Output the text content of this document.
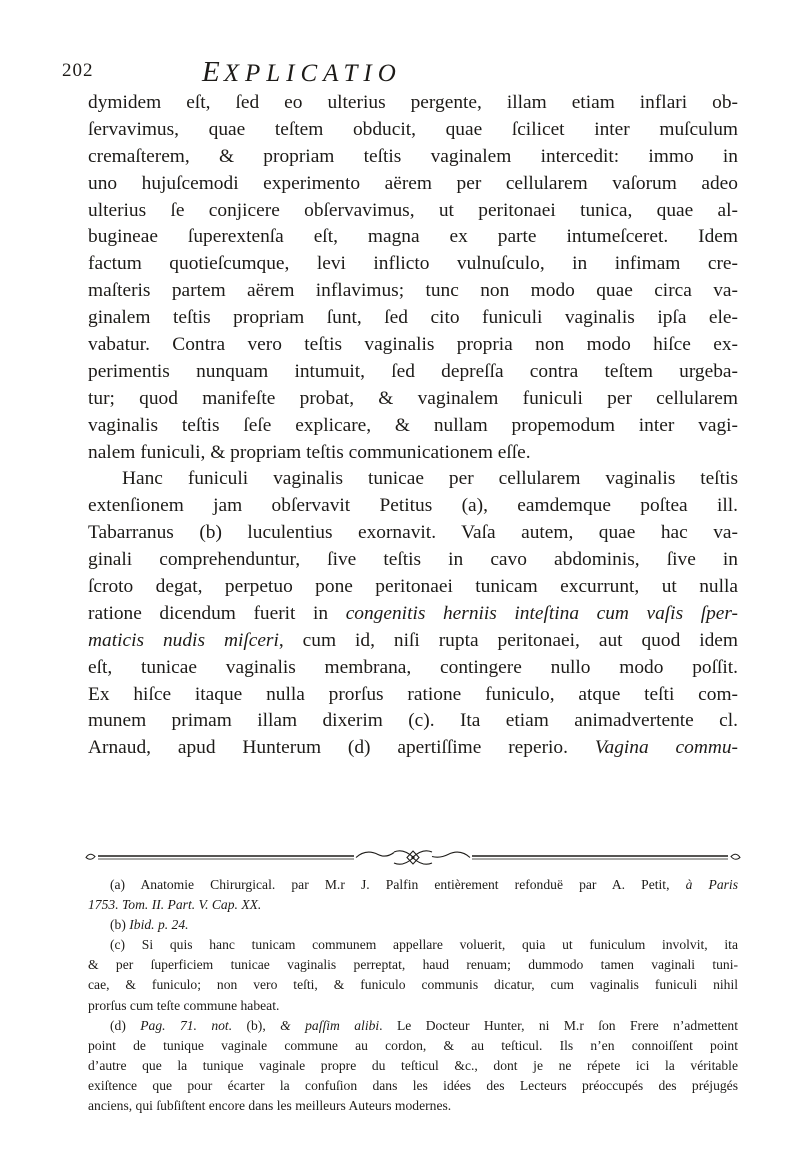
202	EXPLICATIO
dymidem eſt, ſed eo ulterius pergente, illam etiam inflari ob-
ſervavimus, quae teſtem obducit, quae ſcilicet inter muſculum
cremaſterem, & propriam teſtis vaginalem intercedit: immo in
uno hujuſcemodi experimento aërem per cellularem vaſorum adeo
ulterius ſe conjicere obſervavimus, ut peritonaei tunica, quae al-
bugineae ſuperextenſa eſt, magna ex parte intumeſceret. Idem
factum quotieſcumque, levi inflicto vulnuſculo, in infimam cre-
maſteris partem aërem inflavimus; tunc non modo quae circa va-
ginalem teſtis propriam ſunt, ſed cito funiculi vaginalis ipſa ele-
vabatur. Contra vero teſtis vaginalis propria non modo hiſce ex-
perimentis nunquam intumuit, ſed depreſſa contra teſtem urgeba-
tur; quod manifeſte probat, & vaginalem funiculi per cellularem
vaginalis teſtis ſeſe explicare, & nullam propemodum inter vagi-
nalem funiculi, & propriam teſtis communicationem eſſe.
Hanc funiculi vaginalis tunicae per cellularem vaginalis teſtis
extenſionem jam obſervavit Petitus (a), eamdemque poſtea ill.
Tabarranus (b) luculentius exornavit. Vaſa autem, quae hac va-
ginali comprehenduntur, ſive teſtis in cavo abdominis, ſive in
ſcroto degat, perpetuo pone peritonaei tunicam excurrunt, ut nulla
ratione dicendum fuerit in congenitis herniis inteſtina cum vaſis ſper-
maticis nudis miſceri, cum id, niſi rupta peritonaei, aut quod idem
eſt, tunicae vaginalis membrana, contingere nullo modo poſſit.
Ex hiſce itaque nulla prorſus ratione funiculo, atque teſti com-
munem primam illam dixerim (c). Ita etiam animadvertente cl.
Arnaud, apud Hunterum (d) apertiſſime reperio. Vagina commu-
(a) Anatomie Chirurgical. par M.r J. Palfin entièrement refonduë par A. Petit, à Paris
1753. Tom. II. Part. V. Cap. XX.
(b) Ibid. p. 24.
(c) Si quis hanc tunicam communem appellare voluerit, quia ut funiculum involvit, ita
& per ſuperficiem tunicae vaginalis perreptat, haud renuam; dummodo tamen vaginali tuni-
cae, & funiculo; non vero teſti, & funiculo communis dicatur, cum vaginalis funiculi nihil
prorſus cum teſte commune habeat.
(d) Pag. 71. not. (b), & paſſim alibi. Le Docteur Hunter, ni M.r ſon Frere n’admettent
point de tunique vaginale commune au cordon, & au teſticul. Ils n’en connoiſſent point
d’autre que la tunique vaginale propre du teſticul &c., dont je ne répete ici la véritable
exiſtence que pour écarter la confuſion dans les idées des Lecteurs préoccupés des préjugés
anciens, qui ſubſiſtent encore dans les meilleurs Auteurs modernes.
